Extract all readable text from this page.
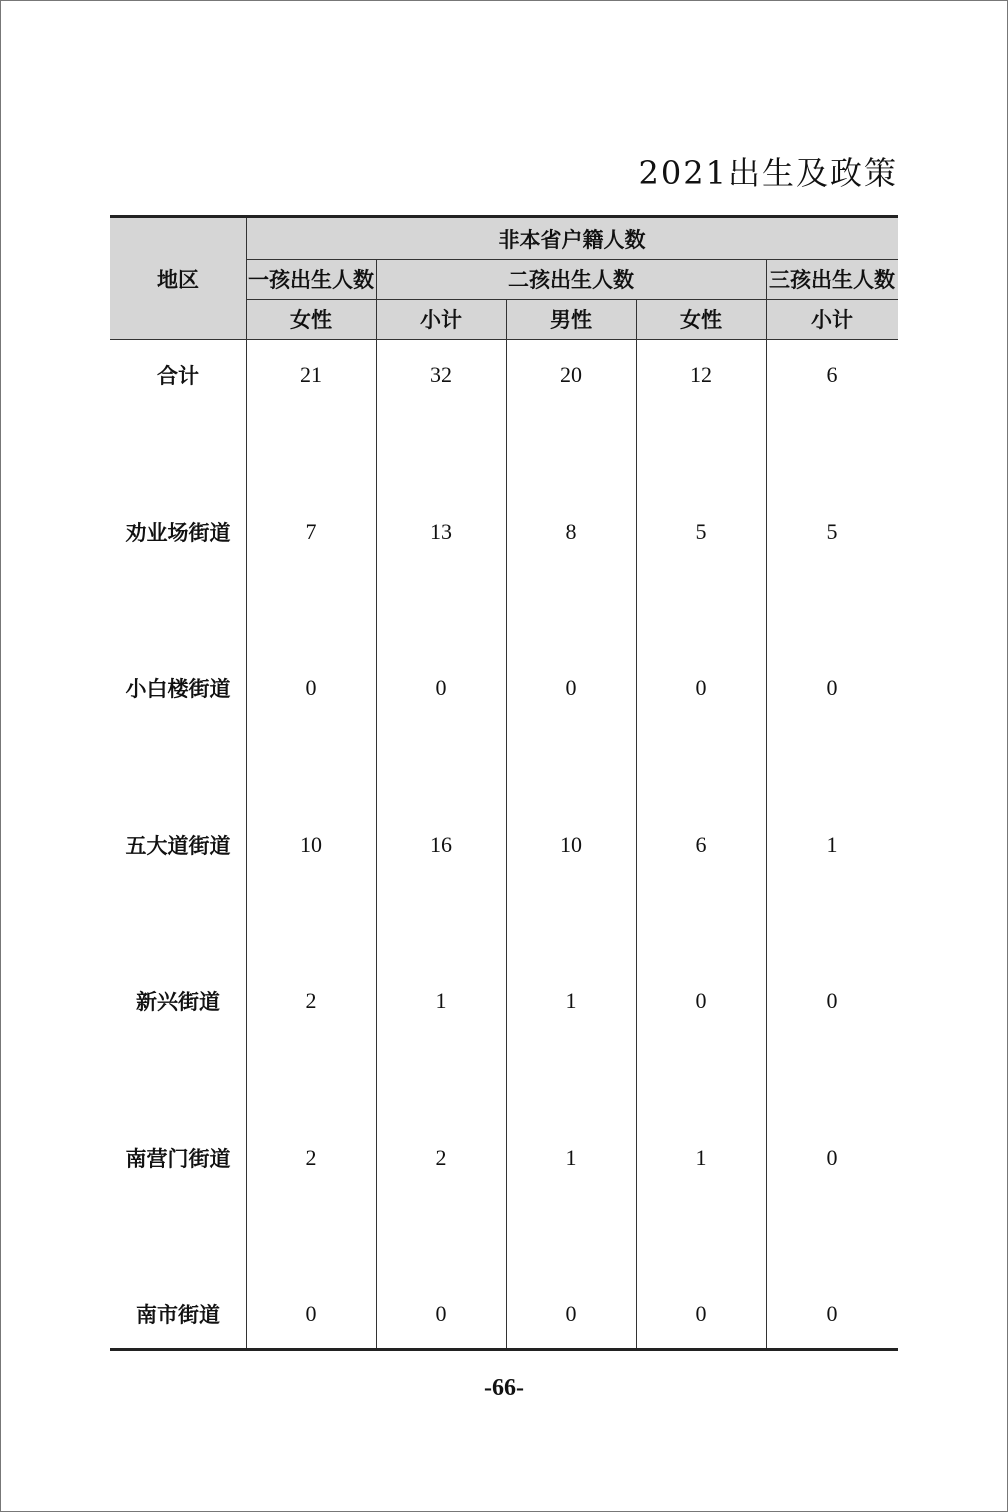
2021出生及政策
地区
非本省户籍人数
一孩出生人数	二孩出生人数	三孩出生人数
女性	小计	男性	女性	小计
合计	21	32	20	12	6
劝业场街道	7	13	8	5	5
小白楼街道	0	0	0	0	0
五大道街道	10	16	10	6	1
新兴街道	2	1	1	0	0
南营门街道	2	2	1	1	0
南市街道	0	0	0	0	0
-66-
